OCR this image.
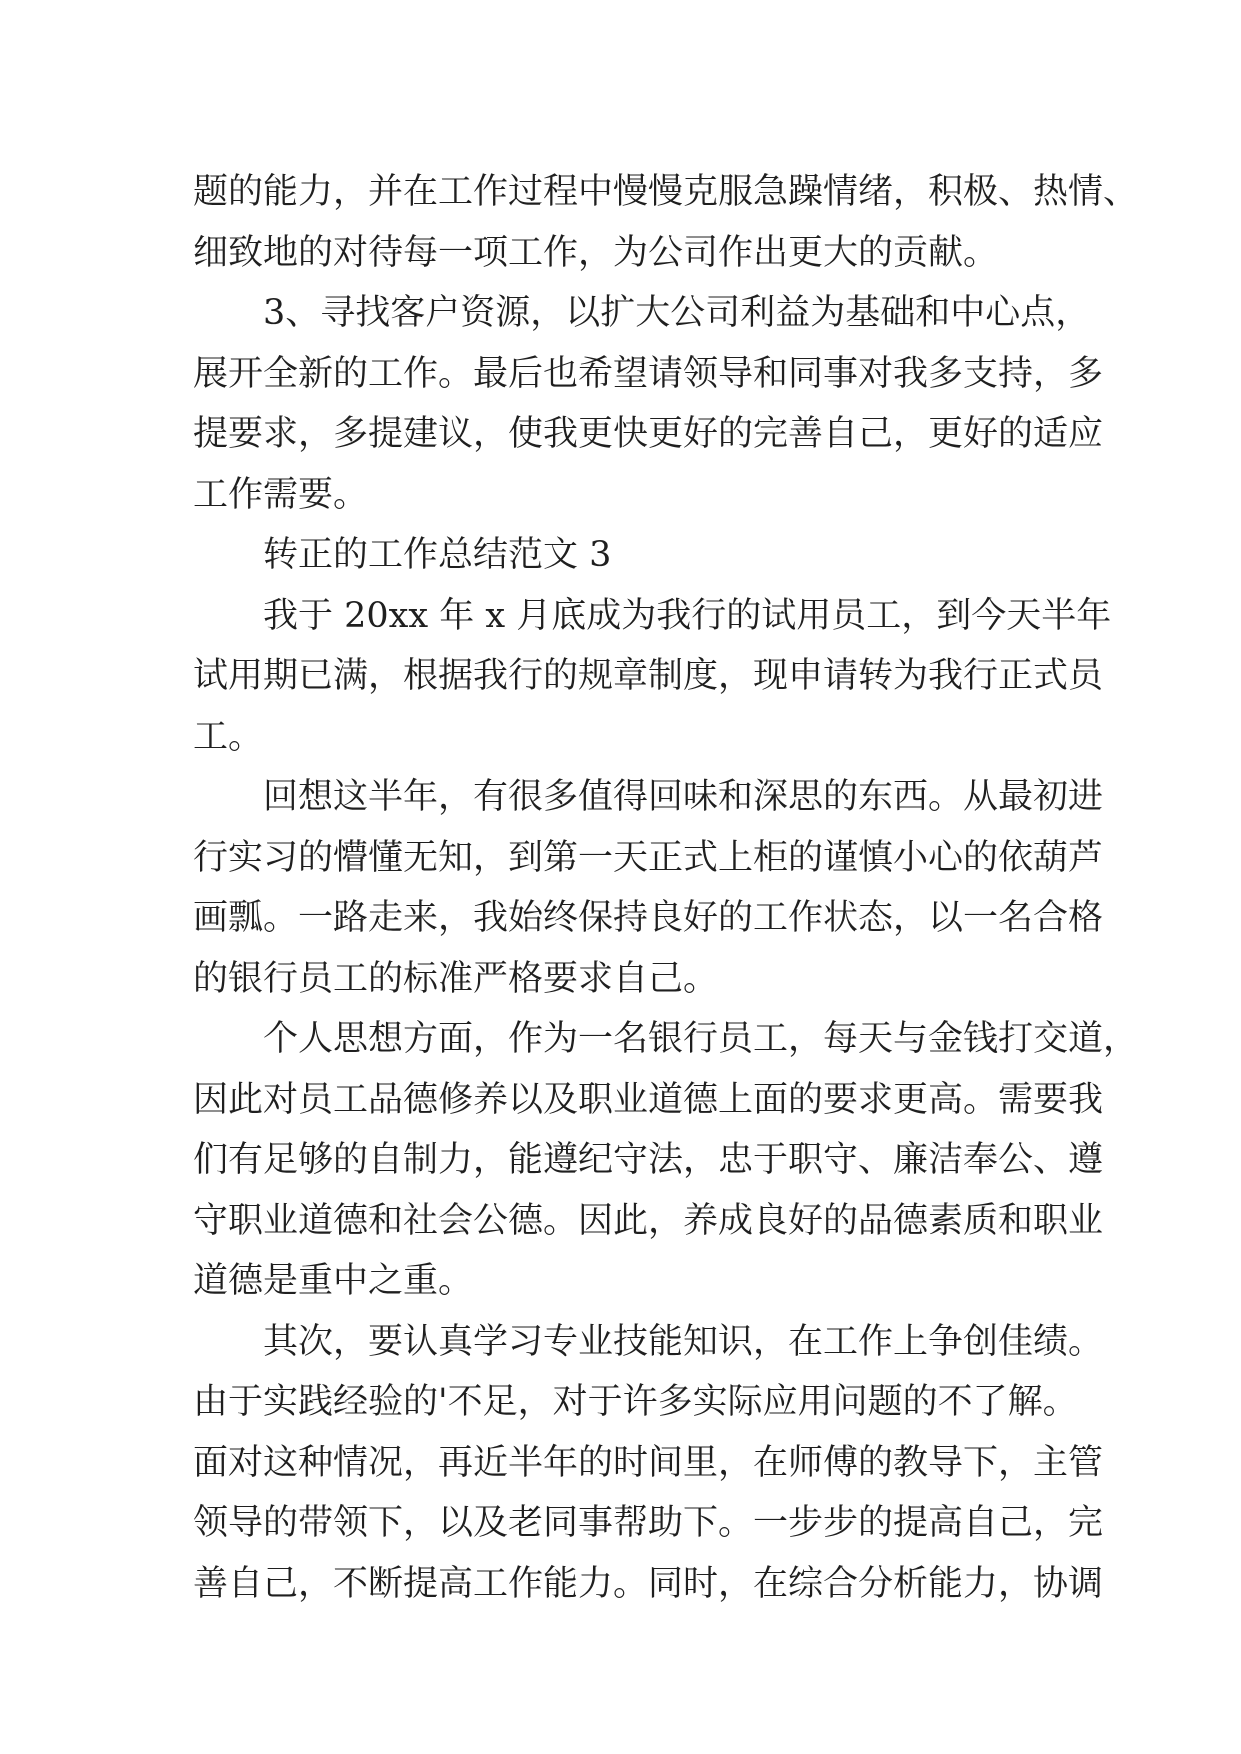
题的能力，并在工作过程中慢慢克服急躁情绪，积极、热情、
细致地的对待每一项工作，为公司作出更大的贡献。
3、寻找客户资源，以扩大公司利益为基础和中心点，
展开全新的工作。最后也希望请领导和同事对我多支持，多
提要求，多提建议，使我更快更好的完善自己，更好的适应
工作需要。
转正的工作总结范文 3
我于 20xx 年 x 月底成为我行的试用员工，到今天半年
试用期已满，根据我行的规章制度，现申请转为我行正式员
工。
回想这半年，有很多值得回味和深思的东西。从最初进
行实习的懵懂无知，到第一天正式上柜的谨慎小心的依葫芦
画瓢。一路走来，我始终保持良好的工作状态，以一名合格
的银行员工的标准严格要求自己。
个人思想方面，作为一名银行员工，每天与金钱打交道，
因此对员工品德修养以及职业道德上面的要求更高。需要我
们有足够的自制力，能遵纪守法，忠于职守、廉洁奉公、遵
守职业道德和社会公德。因此，养成良好的品德素质和职业
道德是重中之重。
其次，要认真学习专业技能知识，在工作上争创佳绩。
由于实践经验的'不足，对于许多实际应用问题的不了解。
面对这种情况，再近半年的时间里，在师傅的教导下，主管
领导的带领下，以及老同事帮助下。一步步的提高自己，完
善自己，不断提高工作能力。同时，在综合分析能力，协调
